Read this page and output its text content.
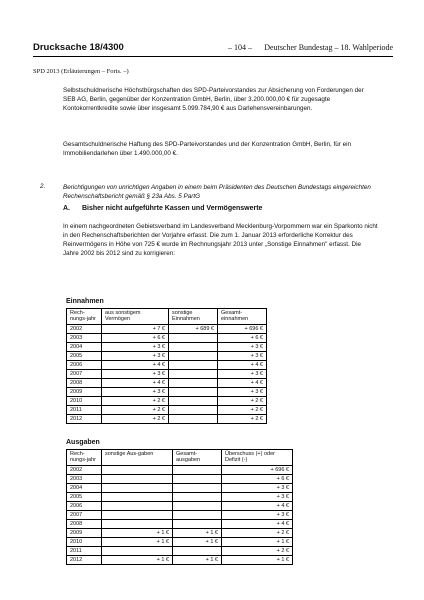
Drucksache 18/4300	– 104 – Deutscher Bundestag – 18. Wahlperiode
SPD 2013 (Erläuterungen – Forts. –)
Selbstschuldnerische Höchstbürgschaften des SPD-Parteivorstandes zur Absicherung von Forderungen der SEB AG, Berlin, gegenüber der Konzentration GmbH, Berlin, über 3.200.000,00 € für zugesagte Kontokorrentkredite sowie über insgesamt 5.099.784,90 € aus Darlehensvereinbarungen.
Gesamtschuldnerische Haftung des SPD-Parteivorstandes und der Konzentration GmbH, Berlin, für ein Immobiliendarlehen über 1.490.000,00 €.
2.	Berichtigungen von unrichtigen Angaben in einem beim Präsidenten des Deutschen Bundestags eingereichten Rechenschaftsbericht gemäß § 23a Abs. 5 PartG
A. Bisher nicht aufgeführte Kassen und Vermögenswerte
In einem nachgeordneten Gebietsverband im Landesverband Mecklenburg-Vorpommern war ein Sparkonto nicht in den Rechenschaftsberichten der Vorjahre erfasst. Die zum 1. Januar 2013 erforderliche Korrektur des Reinvermögens in Höhe von 725 € wurde im Rechnungsjahr 2013 unter „Sonstige Einnahmen" erfasst. Die Jahre 2002 bis 2012 sind zu korrigieren:
Einnahmen
Rech-nungs-jahr	aus sonstigem Vermögen	sonstige Einnahmen	Gesamt-einnahmen
2002	+ 7 €	+ 689 €	+ 696 €
2003	+ 6 €		+ 6 €
2004	+ 3 €		+ 3 €
2005	+ 3 €		+ 3 €
2006	+ 4 €		+ 4 €
2007	+ 3 €		+ 3 €
2008	+ 4 €		+ 4 €
2009	+ 3 €		+ 3 €
2010	+ 2 €		+ 2 €
2011	+ 2 €		+ 2 €
2012	+ 2 €		+ 2 €
Ausgaben
Rech-nungs-jahr	sonstige Aus-gaben	Gesamt-ausgaben	Überschuss (+) oder Defizit (-)
2002			+ 696 €
2003			+ 6 €
2004			+ 3 €
2005			+ 3 €
2006			+ 4 €
2007			+ 3 €
2008			+ 4 €
2009	+ 1 €	+ 1 €	+ 2 €
2010	+ 1 €	+ 1 €	+ 1 €
2011			+ 2 €
2012	+ 1 €	+ 1 €	+ 1 €
